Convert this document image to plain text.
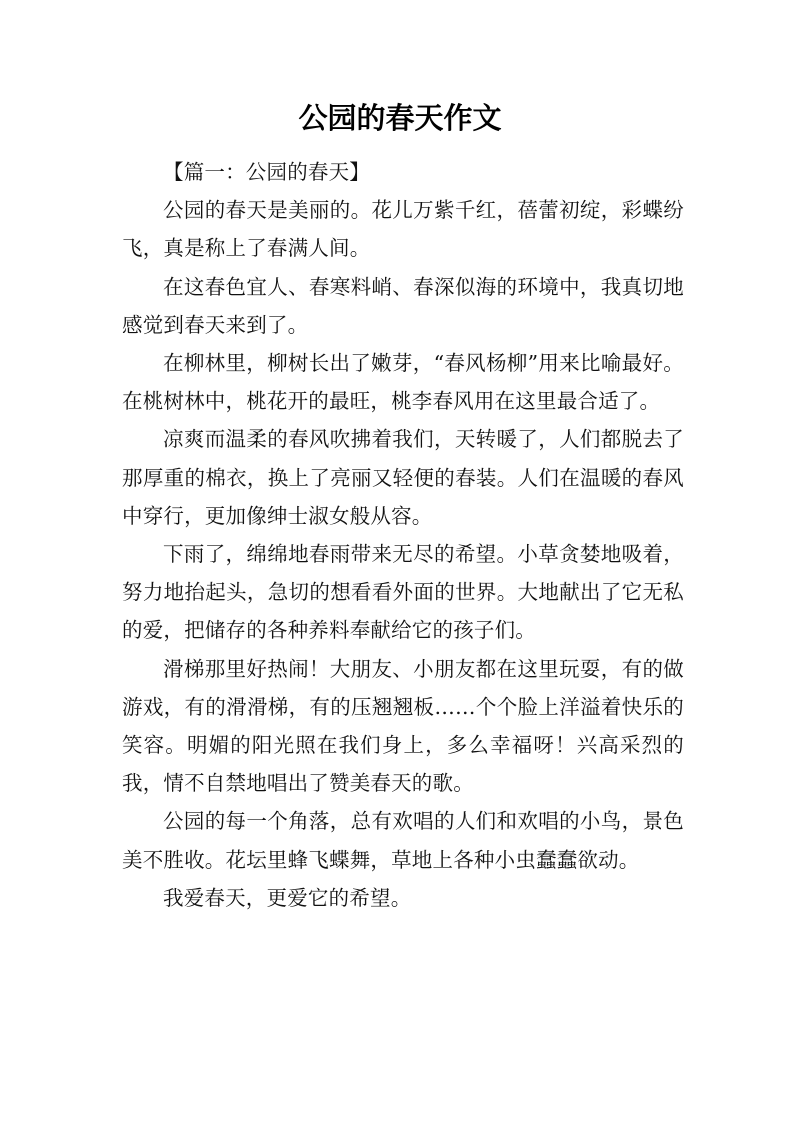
公园的春天作文

【篇一：公园的春天】

公园的春天是美丽的。花儿万紫千红，蓓蕾初绽，彩蝶纷飞，真是称上了春满人间。

在这春色宜人、春寒料峭、春深似海的环境中，我真切地感觉到春天来到了。

在柳林里，柳树长出了嫩芽，“春风杨柳”用来比喻最好。在桃树林中，桃花开的最旺，桃李春风用在这里最合适了。

凉爽而温柔的春风吹拂着我们，天转暖了，人们都脱去了那厚重的棉衣，换上了亮丽又轻便的春装。人们在温暖的春风中穿行，更加像绅士淑女般从容。

下雨了，绵绵地春雨带来无尽的希望。小草贪婪地吸着，努力地抬起头，急切的想看看外面的世界。大地献出了它无私的爱，把储存的各种养料奉献给它的孩子们。

滑梯那里好热闹！大朋友、小朋友都在这里玩耍，有的做游戏，有的滑滑梯，有的压翘翘板……个个脸上洋溢着快乐的笑容。明媚的阳光照在我们身上，多么幸福呀！兴高采烈的我，情不自禁地唱出了赞美春天的歌。

公园的每一个角落，总有欢唱的人们和欢唱的小鸟，景色美不胜收。花坛里蜂飞蝶舞，草地上各种小虫蠢蠢欲动。

我爱春天，更爱它的希望。
